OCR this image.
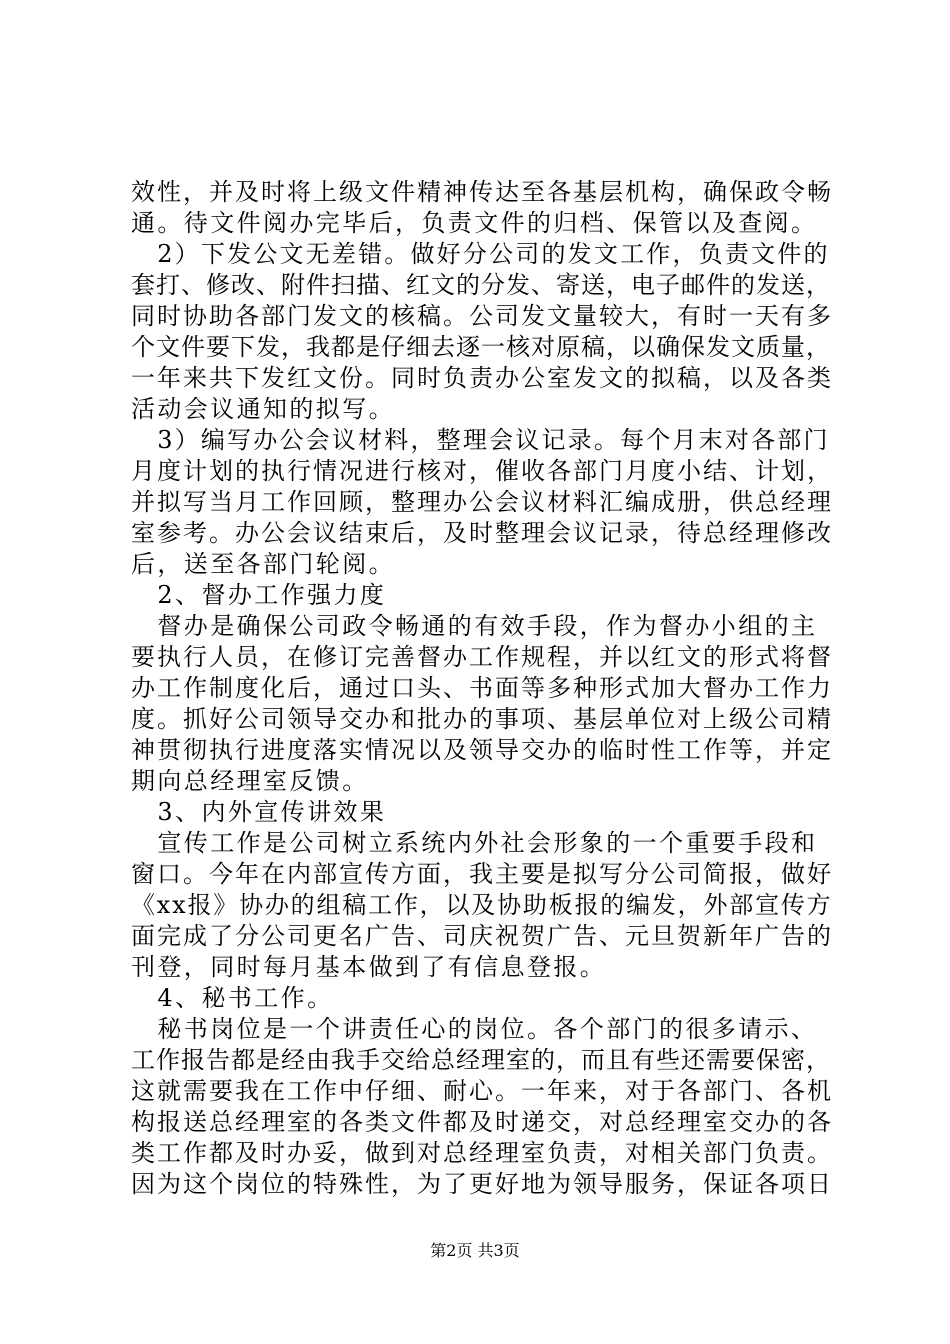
效性，并及时将上级文件精神传达至各基层机构，确保政令畅
通。待文件阅办完毕后，负责文件的归档、保管以及查阅。
　2）下发公文无差错。做好分公司的发文工作，负责文件的
套打、修改、附件扫描、红文的分发、寄送，电子邮件的发送，
同时协助各部门发文的核稿。公司发文量较大，有时一天有多
个文件要下发，我都是仔细去逐一核对原稿，以确保发文质量，
一年来共下发红文份。同时负责办公室发文的拟稿，以及各类
活动会议通知的拟写。
　3）编写办公会议材料，整理会议记录。每个月末对各部门
月度计划的执行情况进行核对，催收各部门月度小结、计划，
并拟写当月工作回顾，整理办公会议材料汇编成册，供总经理
室参考。办公会议结束后，及时整理会议记录，待总经理修改
后，送至各部门轮阅。
　2、督办工作强力度
　督办是确保公司政令畅通的有效手段，作为督办小组的主
要执行人员，在修订完善督办工作规程，并以红文的形式将督
办工作制度化后，通过口头、书面等多种形式加大督办工作力
度。抓好公司领导交办和批办的事项、基层单位对上级公司精
神贯彻执行进度落实情况以及领导交办的临时性工作等，并定
期向总经理室反馈。
　3、内外宣传讲效果
　宣传工作是公司树立系统内外社会形象的一个重要手段和
窗口。今年在内部宣传方面，我主要是拟写分公司简报，做好
《xx报》协办的组稿工作，以及协助板报的编发，外部宣传方
面完成了分公司更名广告、司庆祝贺广告、元旦贺新年广告的
刊登，同时每月基本做到了有信息登报。
　4、秘书工作。
　秘书岗位是一个讲责任心的岗位。各个部门的很多请示、
工作报告都是经由我手交给总经理室的，而且有些还需要保密，
这就需要我在工作中仔细、耐心。一年来，对于各部门、各机
构报送总经理室的各类文件都及时递交，对总经理室交办的各
类工作都及时办妥，做到对总经理室负责，对相关部门负责。
因为这个岗位的特殊性，为了更好地为领导服务，保证各项日
第2页 共3页
